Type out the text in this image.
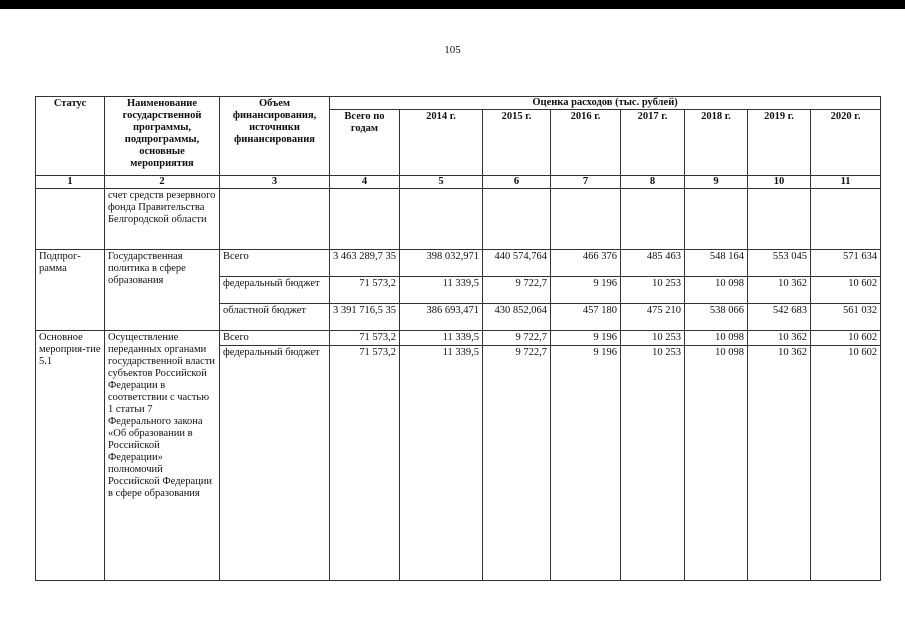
105
Статус	Наименование государственной программы, подпрограммы, основные мероприятия	Объем финансирования, источники финансирования	Оценка расходов (тыс. рублей)							
			Всего по годам	2014 г.	2015 г.	2016 г.	2017 г.	2018 г.	2019 г.	2020 г.
1	2	3	4	5	6	7	8	9	10	11
	счет средств резервного фонда Правительства Белгородской области									
Подпрог-рамма	Государственная политика в сфере образования	Всего	3 463 289,7 35	398 032,971	440 574,764	466 376	485 463	548 164	553 045	571 634
		федеральный бюджет	71 573,2	11 339,5	9 722,7	9 196	10 253	10 098	10 362	10 602
		областной бюджет	3 391 716,5 35	386 693,471	430 852,064	457 180	475 210	538 066	542 683	561 032
Основное мероприя-тие 5.1	Осуществление переданных органами государственной власти субъектов Российской Федерации в соответствии с частью 1 статьи 7 Федерального закона «Об образовании в Российской Федерации» полномочий Российской Федерации в сфере образования	Всего	71 573,2	11 339,5	9 722,7	9 196	10 253	10 098	10 362	10 602
		федеральный бюджет	71 573,2	11 339,5	9 722,7	9 196	10 253	10 098	10 362	10 602
